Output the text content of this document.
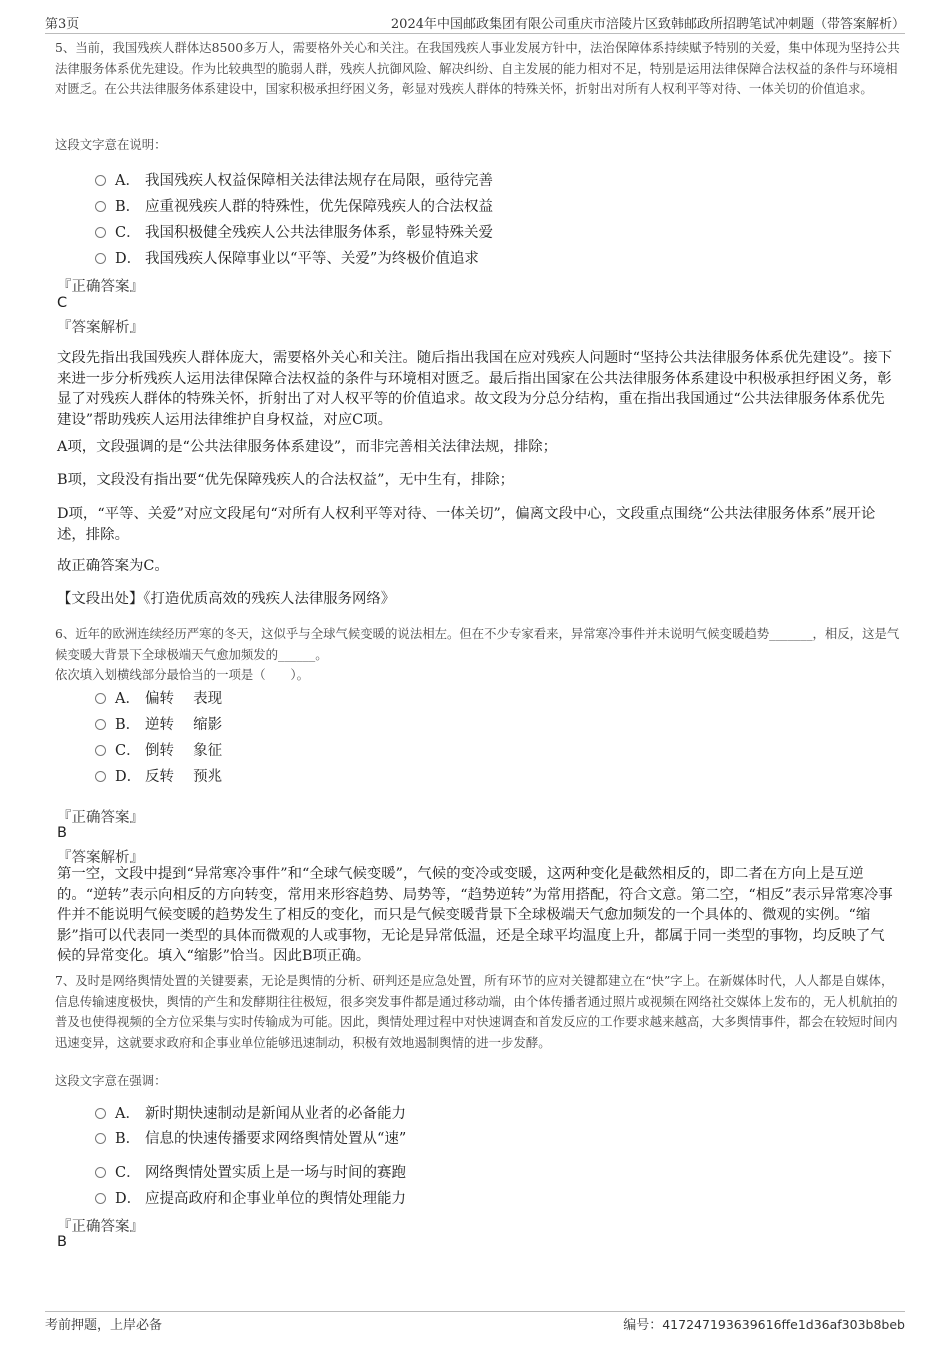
第3页	2024年中国邮政集团有限公司重庆市涪陵片区致韩邮政所招聘笔试冲刺题（带答案解析）
5、当前，我国残疾人群体达8500多万人，需要格外关心和关注。在我国残疾人事业发展方针中，法治保障体系持续赋予特别的关爱，集中体现为坚持公共法律服务体系优先建设。作为比较典型的脆弱人群，残疾人抗御风险、解决纠纷、自主发展的能力相对不足，特别是运用法律保障合法权益的条件与环境相对匮乏。在公共法律服务体系建设中，国家积极承担纾困义务，彰显对残疾人群体的特殊关怀，折射出对所有人权利平等对待、一体关切的价值追求。
这段文字意在说明：
A． 我国残疾人权益保障相关法律法规存在局限，亟待完善
B． 应重视残疾人群的特殊性，优先保障残疾人的合法权益
C． 我国积极健全残疾人公共法律服务体系，彰显特殊关爱
D． 我国残疾人保障事业以“平等、关爱”为终极价值追求
『正确答案』
C
『答案解析』
文段先指出我国残疾人群体庞大，需要格外关心和关注。随后指出我国在应对残疾人问题时“坚持公共法律服务体系优先建设”。接下来进一步分析残疾人运用法律保障合法权益的条件与环境相对匮乏。最后指出国家在公共法律服务体系建设中积极承担纾困义务，彰显了对残疾人群体的特殊关怀，折射出了对人权平等的价值追求。故文段为分总分结构，重在指出我国通过“公共法律服务体系优先建设”帮助残疾人运用法律维护自身权益，对应C项。
A项，文段强调的是“公共法律服务体系建设”，而非完善相关法律法规，排除；
B项，文段没有指出要“优先保障残疾人的合法权益”，无中生有，排除；
D项，“平等、关爱”对应文段尾句“对所有人权利平等对待、一体关切”，偏离文段中心，文段重点围绕“公共法律服务体系”展开论述，排除。
故正确答案为C。
【文段出处】《打造优质高效的残疾人法律服务网络》
6、近年的欧洲连续经历严寒的冬天，这似乎与全球气候变暖的说法相左。但在不少专家看来，异常寒冷事件并未说明气候变暖趋势_______，相反，这是气候变暖大背景下全球极端天气愈加频发的______。
依次填入划横线部分最恰当的一项是（　　）。
A． 偏转　 表现
B． 逆转　 缩影
C． 倒转　 象征
D． 反转　 预兆
『正确答案』
B
『答案解析』
第一空，文段中提到“异常寒冷事件”和“全球气候变暖”，气候的变冷或变暖，这两种变化是截然相反的，即二者在方向上是互逆的。“逆转”表示向相反的方向转变，常用来形容趋势、局势等，“趋势逆转”为常用搭配，符合文意。第二空，“相反”表示异常寒冷事件并不能说明气候变暖的趋势发生了相反的变化，而只是气候变暖背景下全球极端天气愈加频发的一个具体的、微观的实例。“缩影”指可以代表同一类型的具体而微观的人或事物，无论是异常低温，还是全球平均温度上升，都属于同一类型的事物，均反映了气候的异常变化。填入“缩影”恰当。因此B项正确。
7、及时是网络舆情处置的关键要素，无论是舆情的分析、研判还是应急处置，所有环节的应对关键都建立在“快”字上。在新媒体时代，人人都是自媒体，信息传输速度极快，舆情的产生和发酵期往往极短，很多突发事件都是通过移动端，由个体传播者通过照片或视频在网络社交媒体上发布的，无人机航拍的普及也使得视频的全方位采集与实时传输成为可能。因此，舆情处理过程中对快速调查和首发反应的工作要求越来越高，大多舆情事件，都会在较短时间内迅速变异，这就要求政府和企事业单位能够迅速制动，积极有效地遏制舆情的进一步发酵。
这段文字意在强调：
A． 新时期快速制动是新闻从业者的必备能力
B． 信息的快速传播要求网络舆情处置从“速”
C． 网络舆情处置实质上是一场与时间的赛跑
D． 应提高政府和企事业单位的舆情处理能力
『正确答案』
B
考前押题，上岸必备	编号：417247193639616ffe1d36af303b8beb
